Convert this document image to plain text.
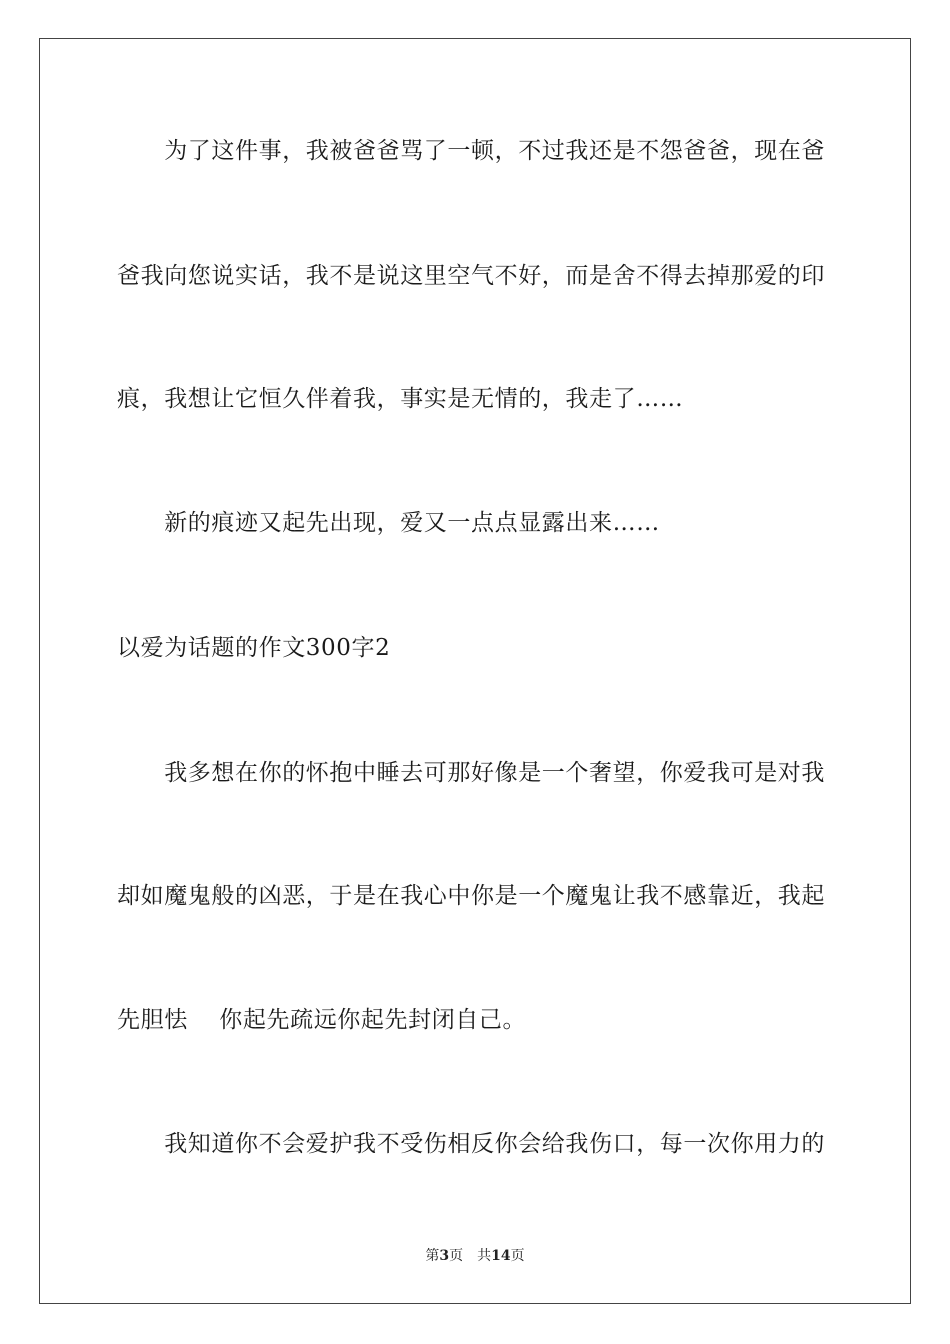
　　为了这件事，我被爸爸骂了一顿，不过我还是不怨爸爸，现在爸
爸我向您说实话，我不是说这里空气不好，而是舍不得去掉那爱的印
痕，我想让它恒久伴着我，事实是无情的，我走了……
　　新的痕迹又起先出现，爱又一点点显露出来……
以爱为话题的作文300字2
　　我多想在你的怀抱中睡去可那好像是一个奢望，你爱我可是对我
却如魔鬼般的凶恶，于是在我心中你是一个魔鬼让我不感靠近，我起
先胆怯　 你起先疏远你起先封闭自己。
　　我知道你不会爱护我不受伤相反你会给我伤口，每一次你用力的
第3页　共14页
